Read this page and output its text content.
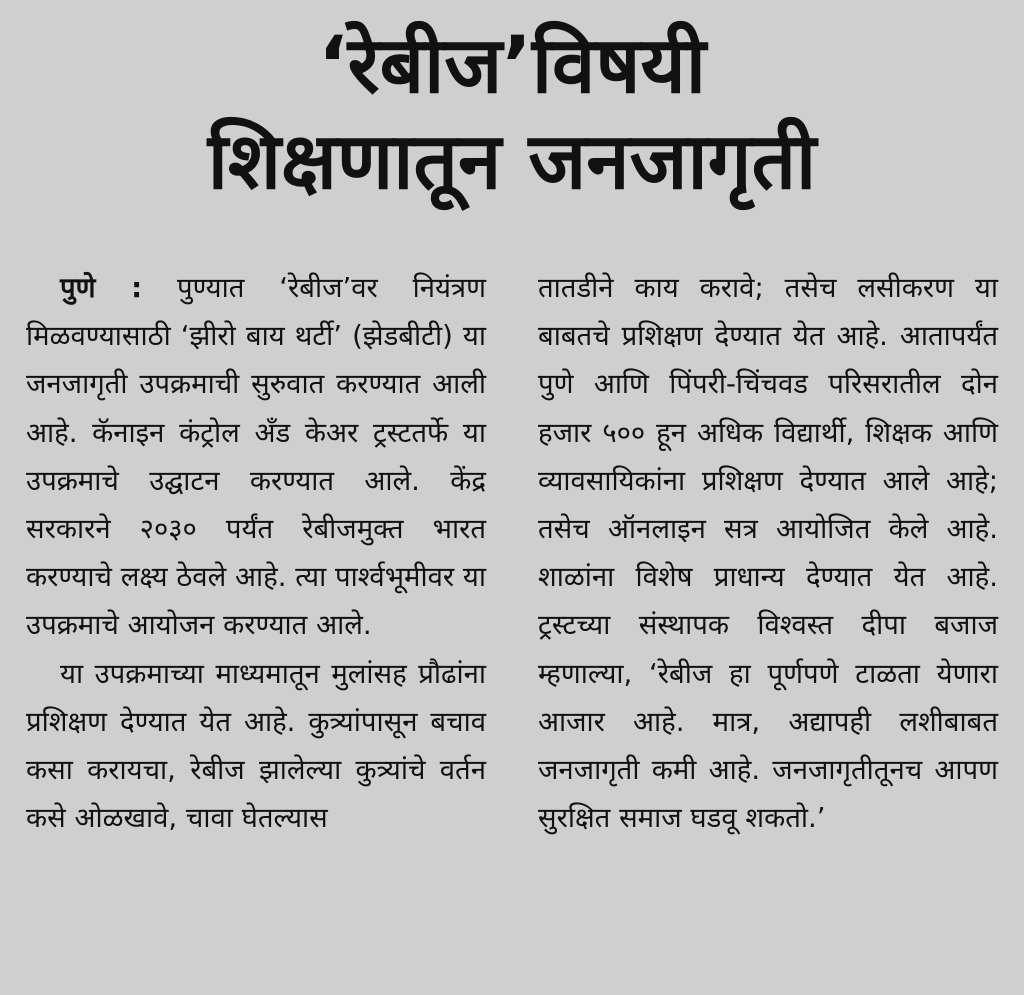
‘रेबीज’विषयी
शिक्षणातून जनजागृती

पुणे : पुण्यात ‘रेबीज’वर नियंत्रण मिळवण्यासाठी ‘झीरो बाय थर्टी’ (झेडबीटी) या जनजागृती उपक्रमाची सुरुवात करण्यात आली आहे. कॅनाइन कंट्रोल अँड केअर ट्रस्टतर्फे या उपक्रमाचे उद्घाटन करण्यात आले. केंद्र सरकारने २०३० पर्यंत रेबीजमुक्त भारत करण्याचे लक्ष्य ठेवले आहे. त्या पार्श्वभूमीवर या उपक्रमाचे आयोजन करण्यात आले.

या उपक्रमाच्या माध्यमातून मुलांसह प्रौढांना प्रशिक्षण देण्यात येत आहे. कुत्र्यांपासून बचाव कसा करायचा, रेबीज झालेल्या कुत्र्यांचे वर्तन कसे ओळखावे, चावा घेतल्यास

तातडीने काय करावे; तसेच लसीकरण या बाबतचे प्रशिक्षण देण्यात येत आहे. आतापर्यंत पुणे आणि पिंपरी-चिंचवड परिसरातील दोन हजार ५०० हून अधिक विद्यार्थी, शिक्षक आणि व्यावसायिकांना प्रशिक्षण देण्यात आले आहे; तसेच ऑनलाइन सत्र आयोजित केले आहे. शाळांना विशेष प्राधान्य देण्यात येत आहे. ट्रस्टच्या संस्थापक विश्वस्त दीपा बजाज म्हणाल्या, ‘रेबीज हा पूर्णपणे टाळता येणारा आजार आहे. मात्र, अद्यापही लशीबाबत जनजागृती कमी आहे. जनजागृतीतूनच आपण सुरक्षित समाज घडवू शकतो.’
